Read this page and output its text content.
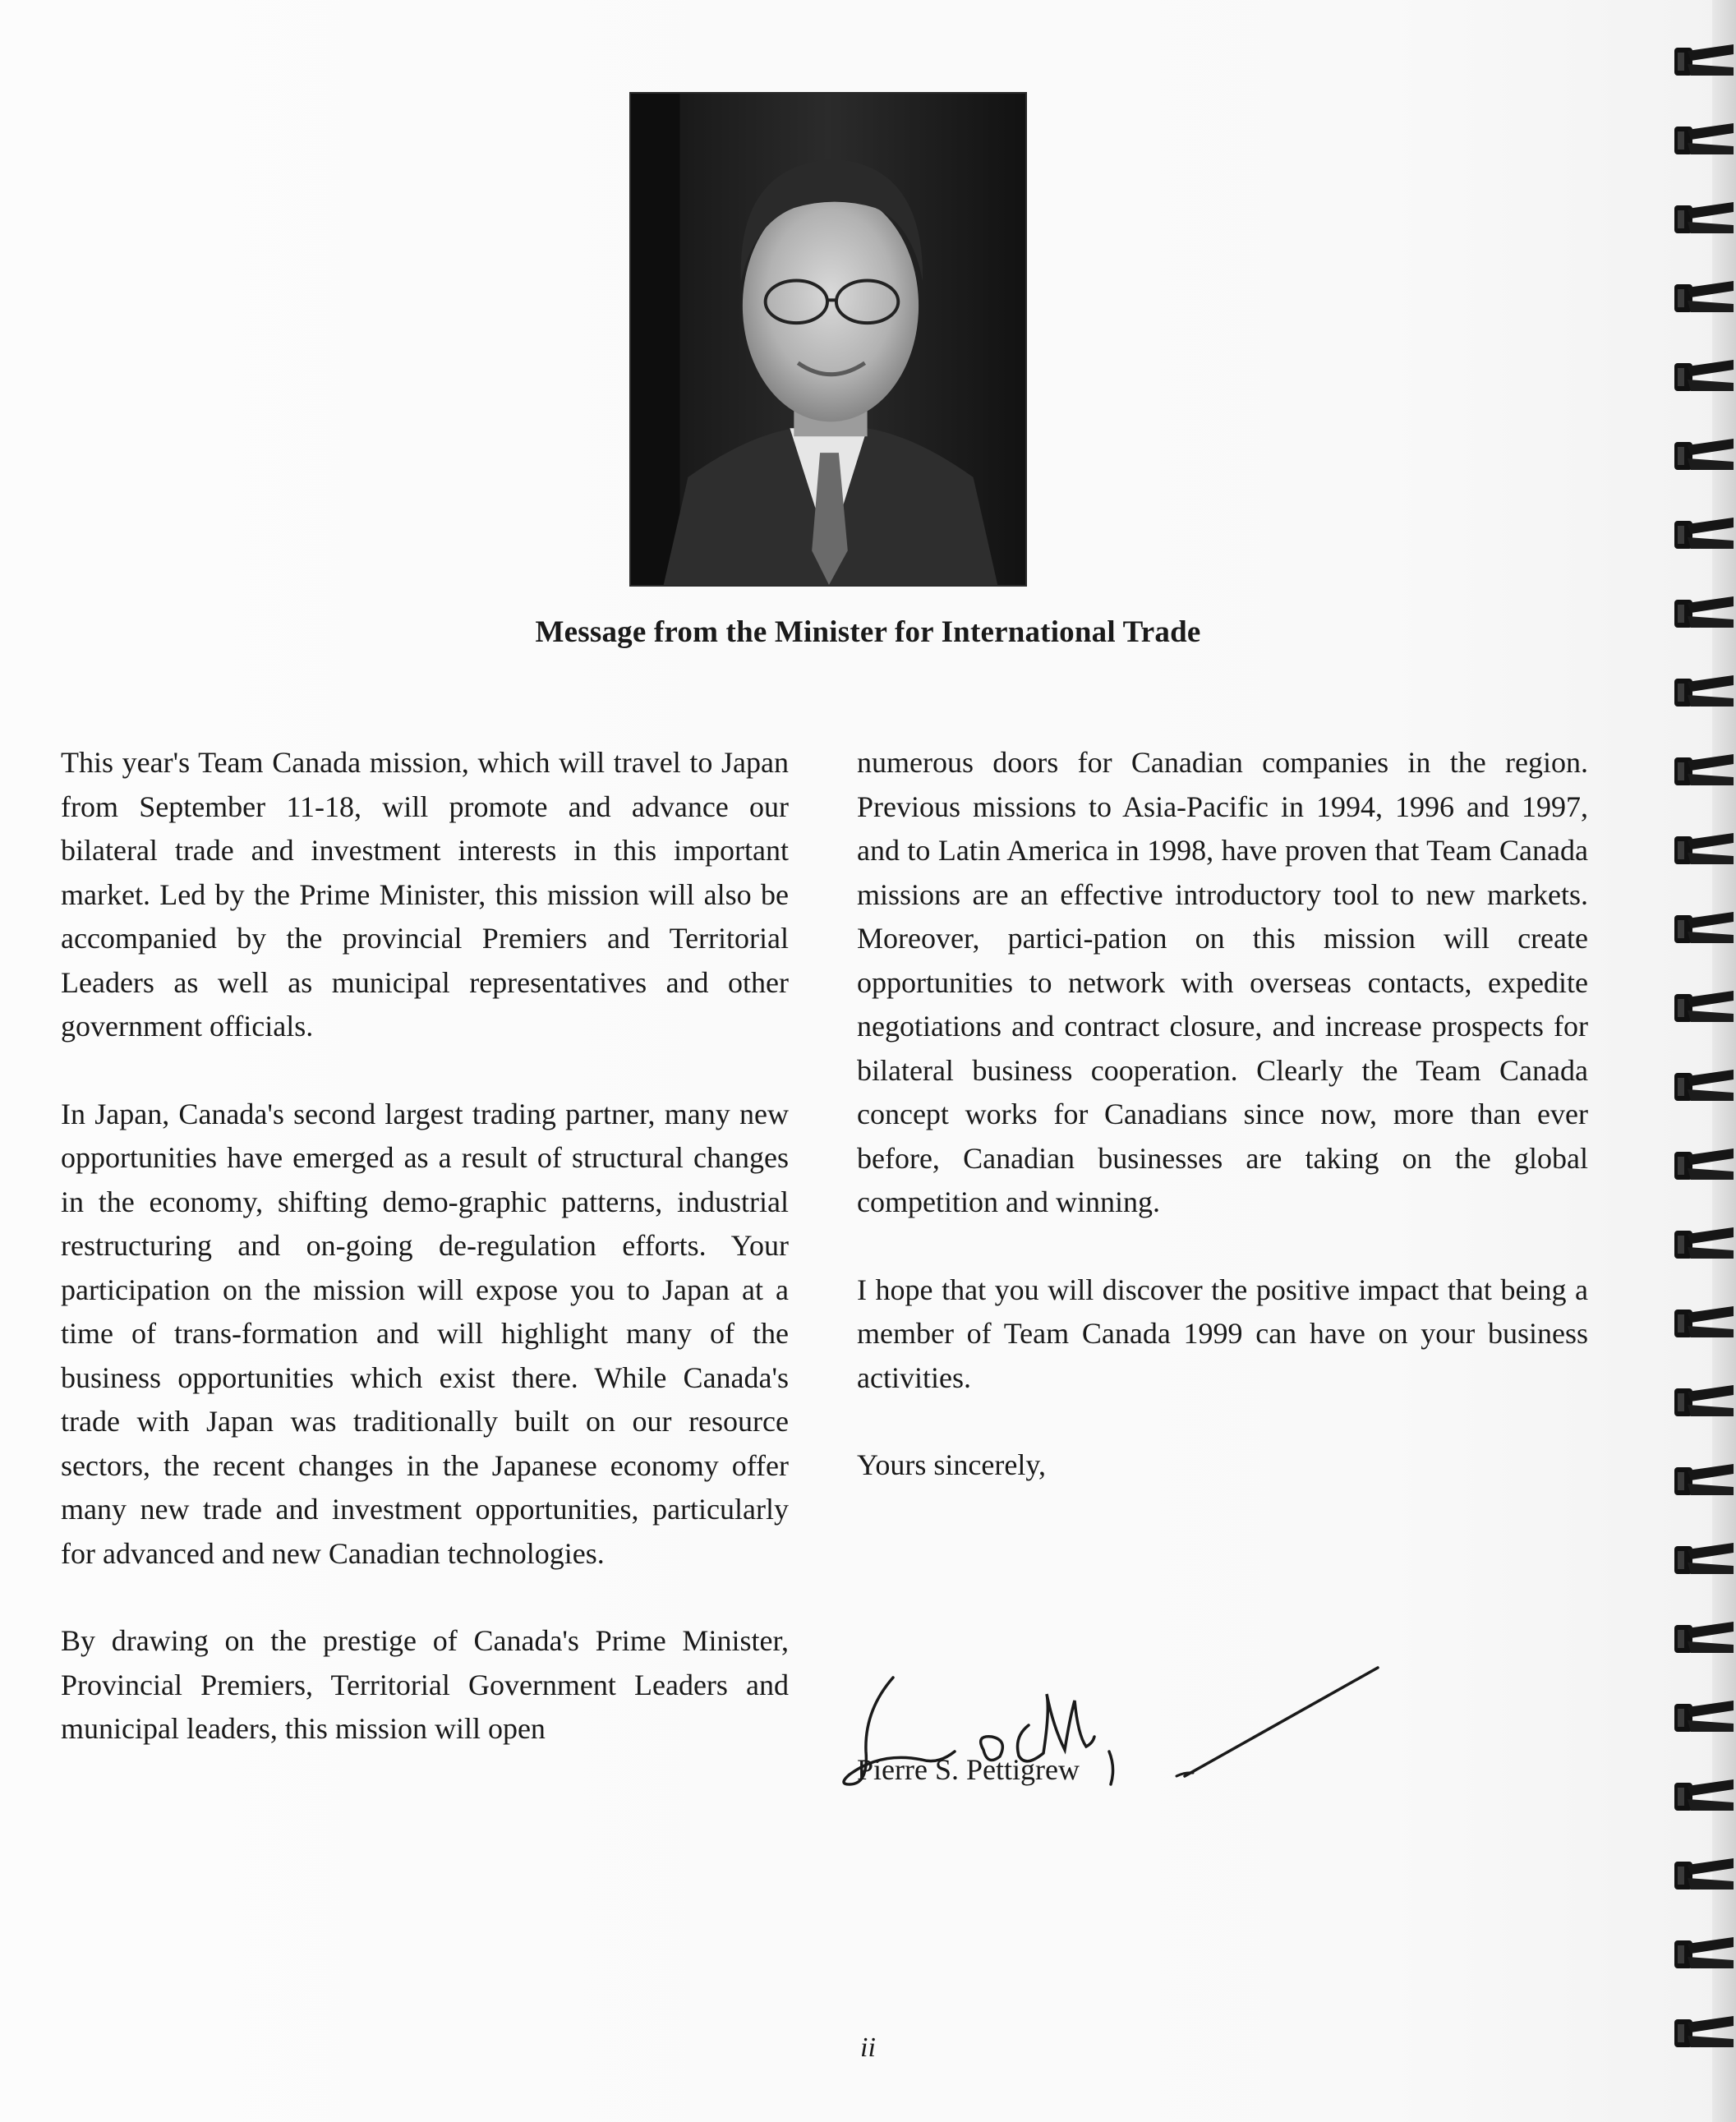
Message from the Minister for International Trade

This year's Team Canada mission, which will travel to Japan from September 11-18, will promote and advance our bilateral trade and investment interests in this important market. Led by the Prime Minister, this mission will also be accompanied by the provincial Premiers and Territorial Leaders as well as municipal representatives and other government officials.

In Japan, Canada's second largest trading partner, many new opportunities have emerged as a result of structural changes in the economy, shifting demo-graphic patterns, industrial restructuring and on-going de-regulation efforts. Your participation on the mission will expose you to Japan at a time of trans-formation and will highlight many of the business opportunities which exist there. While Canada's trade with Japan was traditionally built on our resource sectors, the recent changes in the Japanese economy offer many new trade and investment opportunities, particularly for advanced and new Canadian technologies.

By drawing on the prestige of Canada's Prime Minister, Provincial Premiers, Territorial Government Leaders and municipal leaders, this mission will open

numerous doors for Canadian companies in the region. Previous missions to Asia-Pacific in 1994, 1996 and 1997, and to Latin America in 1998, have proven that Team Canada missions are an effective introductory tool to new markets. Moreover, partici-pation on this mission will create opportunities to network with overseas contacts, expedite negotiations and contract closure, and increase prospects for bilateral business cooperation. Clearly the Team Canada concept works for Canadians since now, more than ever before, Canadian businesses are taking on the global competition and winning.

I hope that you will discover the positive impact that being a member of Team Canada 1999 can have on your business activities.

Yours sincerely,

Pierre S. Pettigrew
ii
